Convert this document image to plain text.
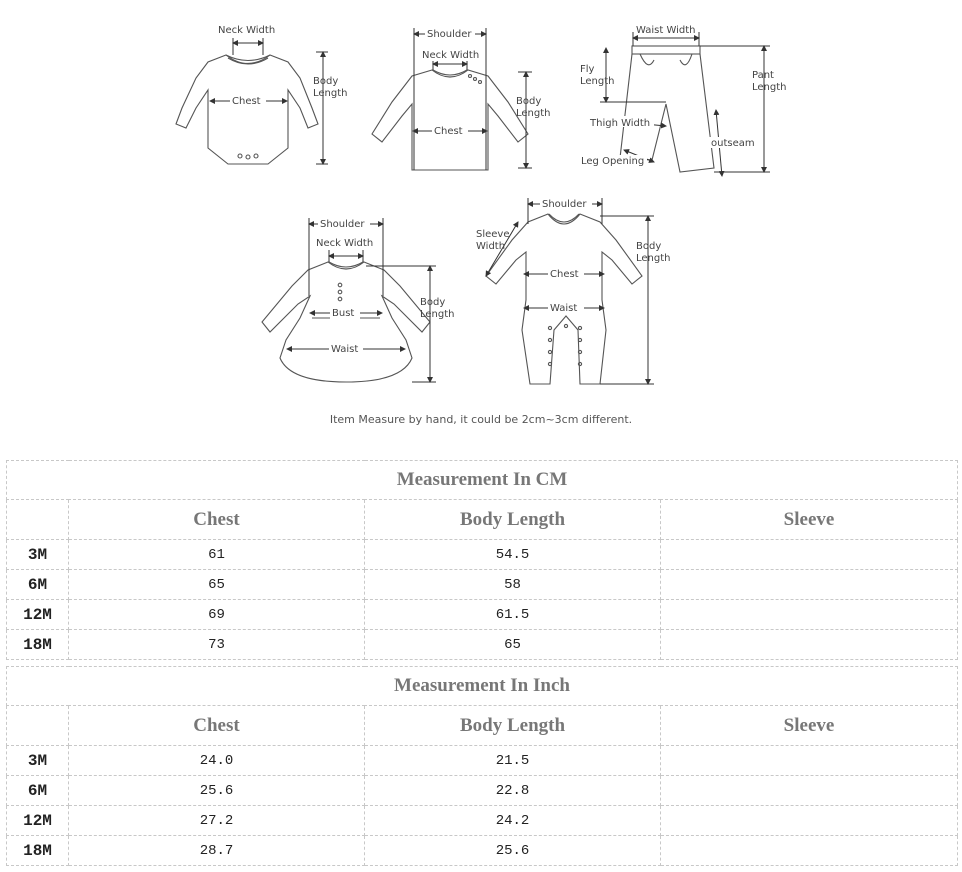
Neck Width
Chest
Body Length
Shoulder
Neck Width
Chest
Body Length
Waist Width
Fly Length
Pant Length
Thigh Width
outseam
Leg Opening
Shoulder
Neck Width
Bust
Waist
Body Length
Shoulder
Chest
Waist
Sleeve Width	Body Length
Item Measure by hand, it could be 2cm~3cm different.
Measurement In CM			
	Chest	Body Length	Sleeve
3M	61	54.5	
6M	65	58	
12M	69	61.5	
18M	73	65	
Measurement In Inch			
	Chest	Body Length	Sleeve
3M	24.0	21.5	
6M	25.6	22.8	
12M	27.2	24.2	
18M	28.7	25.6	
